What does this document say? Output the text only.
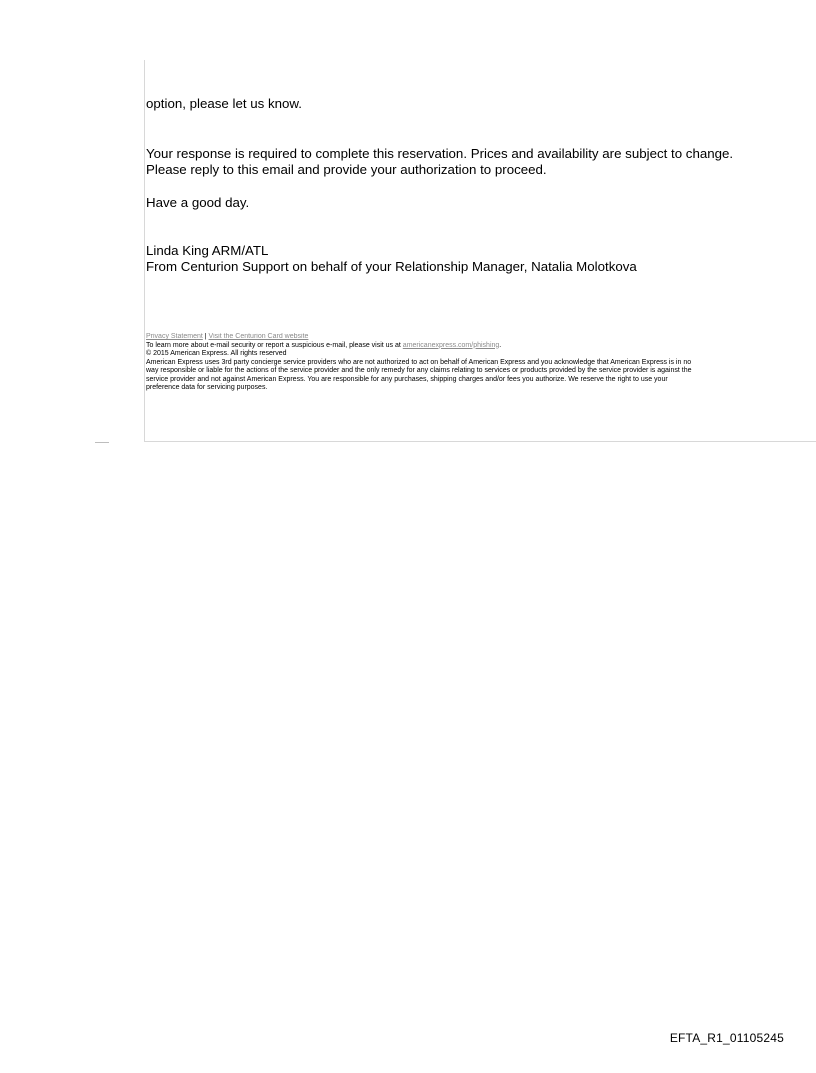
option, please let us know.

Your response is required to complete this reservation. Prices and availability are subject to change.

Please reply to this email and provide your authorization to proceed.

Have a good day.

Linda King ARM/ATL

From Centurion Support on behalf of your Relationship Manager, Natalia Molotkova

Privacy Statement | Visit the Centurion Card website
To learn more about e-mail security or report a suspicious e-mail, please visit us at americanexpress.com/phishing.
© 2015 American Express. All rights reserved
American Express uses 3rd party concierge service providers who are not authorized to act on behalf of American Express and you acknowledge that American Express is in no
way responsible or liable for the actions of the service provider and the only remedy for any claims relating to services or products provided by the service provider is against the
service provider and not against American Express. You are responsible for any purchases, shipping charges and/or fees you authorize. We reserve the right to use your
preference data for servicing purposes.
EFTA_R1_01105245
